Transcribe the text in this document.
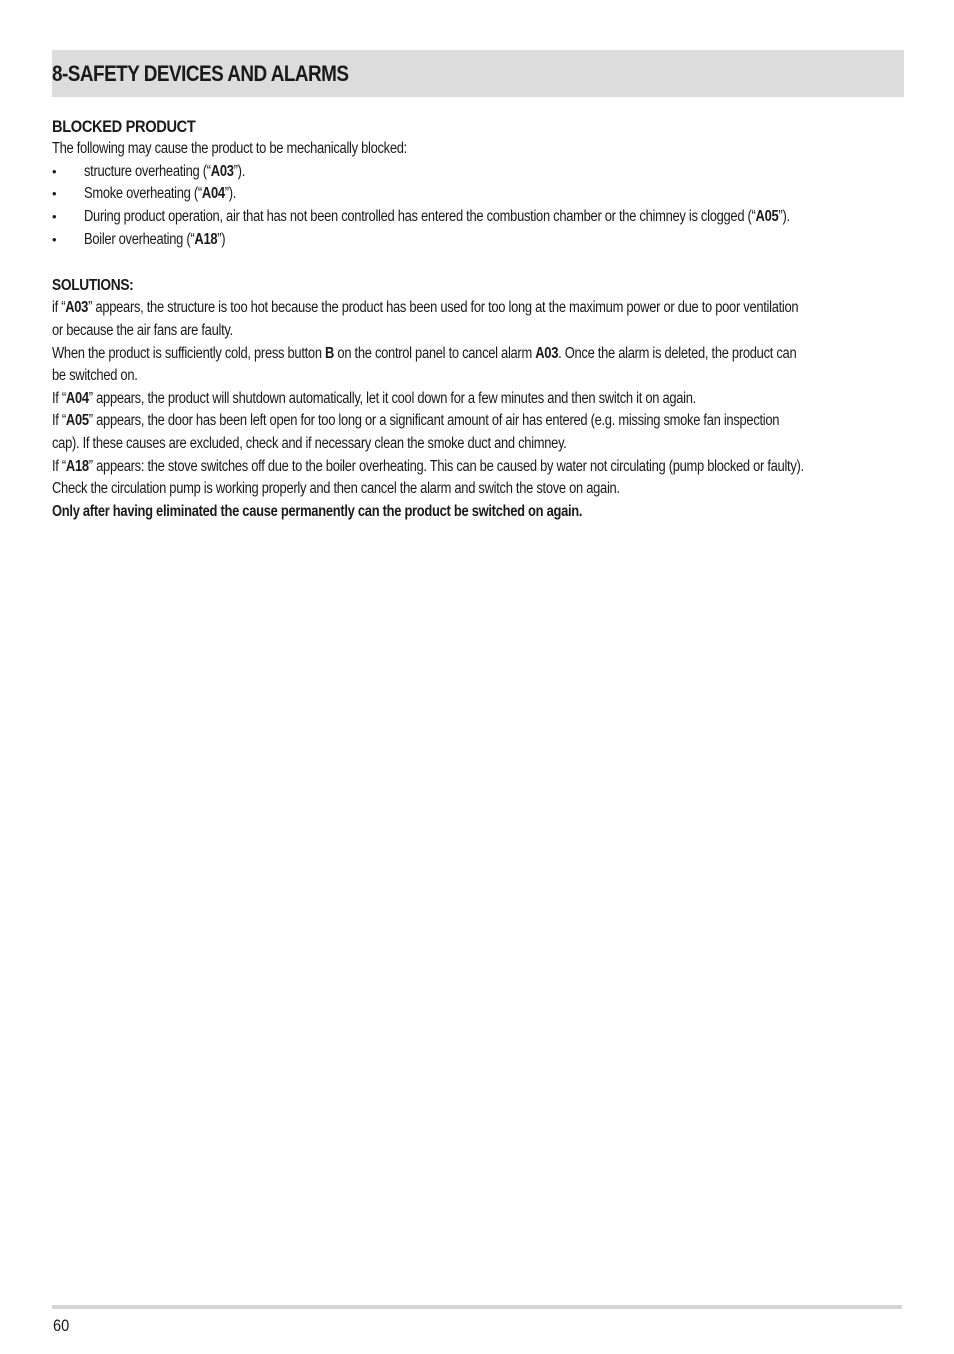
8-SAFETY DEVICES AND ALARMS
BLOCKED PRODUCT

The following may cause the product to be mechanically blocked:

• structure overheating (“A03”).

• Smoke overheating (“A04”).

• During product operation, air that has not been controlled has entered the combustion chamber or the chimney is clogged (“A05”).

• Boiler overheating (“A18”)

SOLUTIONS:

if “A03” appears, the structure is too hot because the product has been used for too long at the maximum power or due to poor ventilation

or because the air fans are faulty.

When the product is sufficiently cold, press button B on the control panel to cancel alarm A03. Once the alarm is deleted, the product can

be switched on.

If “A04” appears, the product will shutdown automatically, let it cool down for a few minutes and then switch it on again.

If “A05” appears, the door has been left open for too long or a significant amount of air has entered (e.g. missing smoke fan inspection

cap). If these causes are excluded, check and if necessary clean the smoke duct and chimney.

If “A18” appears: the stove switches off due to the boiler overheating. This can be caused by water not circulating (pump blocked or faulty).

Check the circulation pump is working properly and then cancel the alarm and switch the stove on again.

Only after having eliminated the cause permanently can the product be switched on again.

60
